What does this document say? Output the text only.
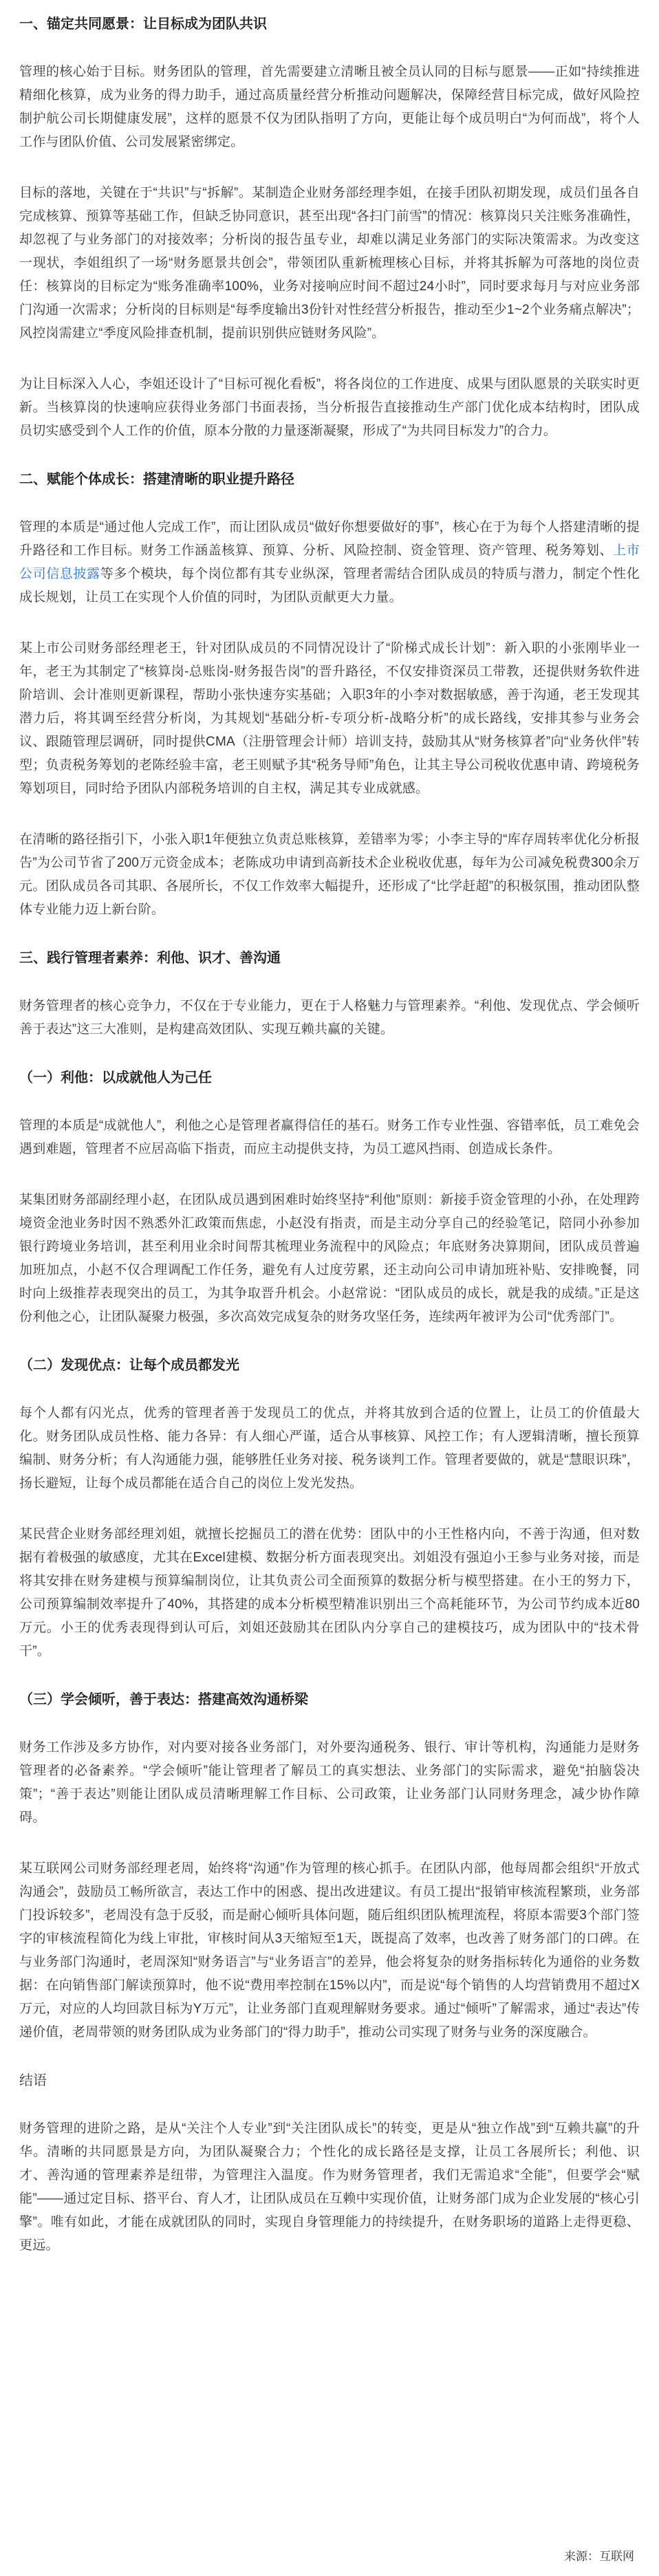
一、锚定共同愿景：让目标成为团队共识

管理的核心始于目标。财务团队的管理，首先需要建立清晰且被全员认同的目标与愿景——正如“持续推进精细化核算，成为业务的得力助手，通过高质量经营分析推动问题解决，保障经营目标完成，做好风险控制护航公司长期健康发展”，这样的愿景不仅为团队指明了方向，更能让每个成员明白“为何而战”，将个人工作与团队价值、公司发展紧密绑定。

目标的落地，关键在于“共识”与“拆解”。某制造企业财务部经理李姐，在接手团队初期发现，成员们虽各自完成核算、预算等基础工作，但缺乏协同意识，甚至出现“各扫门前雪”的情况：核算岗只关注账务准确性，却忽视了与业务部门的对接效率；分析岗的报告虽专业，却难以满足业务部门的实际决策需求。为改变这一现状，李姐组织了一场“财务愿景共创会”，带领团队重新梳理核心目标，并将其拆解为可落地的岗位责任：核算岗的目标定为“账务准确率100%，业务对接响应时间不超过24小时”，同时要求每月与对应业务部门沟通一次需求；分析岗的目标则是“每季度输出3份针对性经营分析报告，推动至少1~2个业务痛点解决”；风控岗需建立“季度风险排查机制，提前识别供应链财务风险”。

为让目标深入人心，李姐还设计了“目标可视化看板”，将各岗位的工作进度、成果与团队愿景的关联实时更新。当核算岗的快速响应获得业务部门书面表扬，当分析报告直接推动生产部门优化成本结构时，团队成员切实感受到个人工作的价值，原本分散的力量逐渐凝聚，形成了“为共同目标发力”的合力。

二、赋能个体成长：搭建清晰的职业提升路径

管理的本质是“通过他人完成工作”，而让团队成员“做好你想要做好的事”，核心在于为每个人搭建清晰的提升路径和工作目标。财务工作涵盖核算、预算、分析、风险控制、资金管理、资产管理、税务筹划、上市公司信息披露等多个模块，每个岗位都有其专业纵深，管理者需结合团队成员的特质与潜力，制定个性化成长规划，让员工在实现个人价值的同时，为团队贡献更大力量。

某上市公司财务部经理老王，针对团队成员的不同情况设计了“阶梯式成长计划”：新入职的小张刚毕业一年，老王为其制定了“核算岗-总账岗-财务报告岗”的晋升路径，不仅安排资深员工带教，还提供财务软件进阶培训、会计准则更新课程，帮助小张快速夯实基础；入职3年的小李对数据敏感，善于沟通，老王发现其潜力后，将其调至经营分析岗，为其规划“基础分析-专项分析-战略分析”的成长路线，安排其参与业务会议、跟随管理层调研，同时提供CMA（注册管理会计师）培训支持，鼓励其从“财务核算者”向“业务伙伴”转型；负责税务筹划的老陈经验丰富，老王则赋予其“税务导师”角色，让其主导公司税收优惠申请、跨境税务筹划项目，同时给予团队内部税务培训的自主权，满足其专业成就感。

在清晰的路径指引下，小张入职1年便独立负责总账核算，差错率为零；小李主导的“库存周转率优化分析报告”为公司节省了200万元资金成本；老陈成功申请到高新技术企业税收优惠，每年为公司减免税费300余万元。团队成员各司其职、各展所长，不仅工作效率大幅提升，还形成了“比学赶超”的积极氛围，推动团队整体专业能力迈上新台阶。

三、践行管理者素养：利他、识才、善沟通

财务管理者的核心竞争力，不仅在于专业能力，更在于人格魅力与管理素养。“利他、发现优点、学会倾听善于表达”这三大准则，是构建高效团队、实现互赖共赢的关键。

（一）利他：以成就他人为己任

管理的本质是“成就他人”，利他之心是管理者赢得信任的基石。财务工作专业性强、容错率低，员工难免会遇到难题，管理者不应居高临下指责，而应主动提供支持，为员工遮风挡雨、创造成长条件。

某集团财务部副经理小赵，在团队成员遇到困难时始终坚持“利他”原则：新接手资金管理的小孙，在处理跨境资金池业务时因不熟悉外汇政策而焦虑，小赵没有指责，而是主动分享自己的经验笔记，陪同小孙参加银行跨境业务培训，甚至利用业余时间帮其梳理业务流程中的风险点；年底财务决算期间，团队成员普遍加班加点，小赵不仅合理调配工作任务，避免有人过度劳累，还主动向公司申请加班补贴、安排晚餐，同时向上级推荐表现突出的员工，为其争取晋升机会。小赵常说：“团队成员的成长，就是我的成绩。”正是这份利他之心，让团队凝聚力极强，多次高效完成复杂的财务攻坚任务，连续两年被评为公司“优秀部门”。

（二）发现优点：让每个成员都发光

每个人都有闪光点，优秀的管理者善于发现员工的优点，并将其放到合适的位置上，让员工的价值最大化。财务团队成员性格、能力各异：有人细心严谨，适合从事核算、风控工作；有人逻辑清晰，擅长预算编制、财务分析；有人沟通能力强，能够胜任业务对接、税务谈判工作。管理者要做的，就是“慧眼识珠”，扬长避短，让每个成员都能在适合自己的岗位上发光发热。

某民营企业财务部经理刘姐，就擅长挖掘员工的潜在优势：团队中的小王性格内向，不善于沟通，但对数据有着极强的敏感度，尤其在Excel建模、数据分析方面表现突出。刘姐没有强迫小王参与业务对接，而是将其安排在财务建模与预算编制岗位，让其负责公司全面预算的数据分析与模型搭建。在小王的努力下，公司预算编制效率提升了40%，其搭建的成本分析模型精准识别出三个高耗能环节，为公司节约成本近80万元。小王的优秀表现得到认可后，刘姐还鼓励其在团队内分享自己的建模技巧，成为团队中的“技术骨干”。

（三）学会倾听，善于表达：搭建高效沟通桥梁

财务工作涉及多方协作，对内要对接各业务部门，对外要沟通税务、银行、审计等机构，沟通能力是财务管理者的必备素养。“学会倾听”能让管理者了解员工的真实想法、业务部门的实际需求，避免“拍脑袋决策”；“善于表达”则能让团队成员清晰理解工作目标、公司政策，让业务部门认同财务理念，减少协作障碍。

某互联网公司财务部经理老周，始终将“沟通”作为管理的核心抓手。在团队内部，他每周都会组织“开放式沟通会”，鼓励员工畅所欲言，表达工作中的困惑、提出改进建议。有员工提出“报销审核流程繁琐，业务部门投诉较多”，老周没有急于反驳，而是耐心倾听具体问题，随后组织团队梳理流程，将原本需要3个部门签字的审核流程简化为线上审批，审核时间从3天缩短至1天，既提高了效率，也改善了财务部门的口碑。在与业务部门沟通时，老周深知“财务语言”与“业务语言”的差异，他会将复杂的财务指标转化为通俗的业务数据：在向销售部门解读预算时，他不说“费用率控制在15%以内”，而是说“每个销售的人均营销费用不超过X万元，对应的人均回款目标为Y万元”，让业务部门直观理解财务要求。通过“倾听”了解需求，通过“表达”传递价值，老周带领的财务团队成为业务部门的“得力助手”，推动公司实现了财务与业务的深度融合。

结语

财务管理的进阶之路，是从“关注个人专业”到“关注团队成长”的转变，更是从“独立作战”到“互赖共赢”的升华。清晰的共同愿景是方向，为团队凝聚合力；个性化的成长路径是支撑，让员工各展所长；利他、识才、善沟通的管理素养是纽带，为管理注入温度。作为财务管理者，我们无需追求“全能”，但要学会“赋能”——通过定目标、搭平台、育人才，让团队成员在互赖中实现价值，让财务部门成为企业发展的“核心引擎”。唯有如此，才能在成就团队的同时，实现自身管理能力的持续提升，在财务职场的道路上走得更稳、更远。

来源：互联网
